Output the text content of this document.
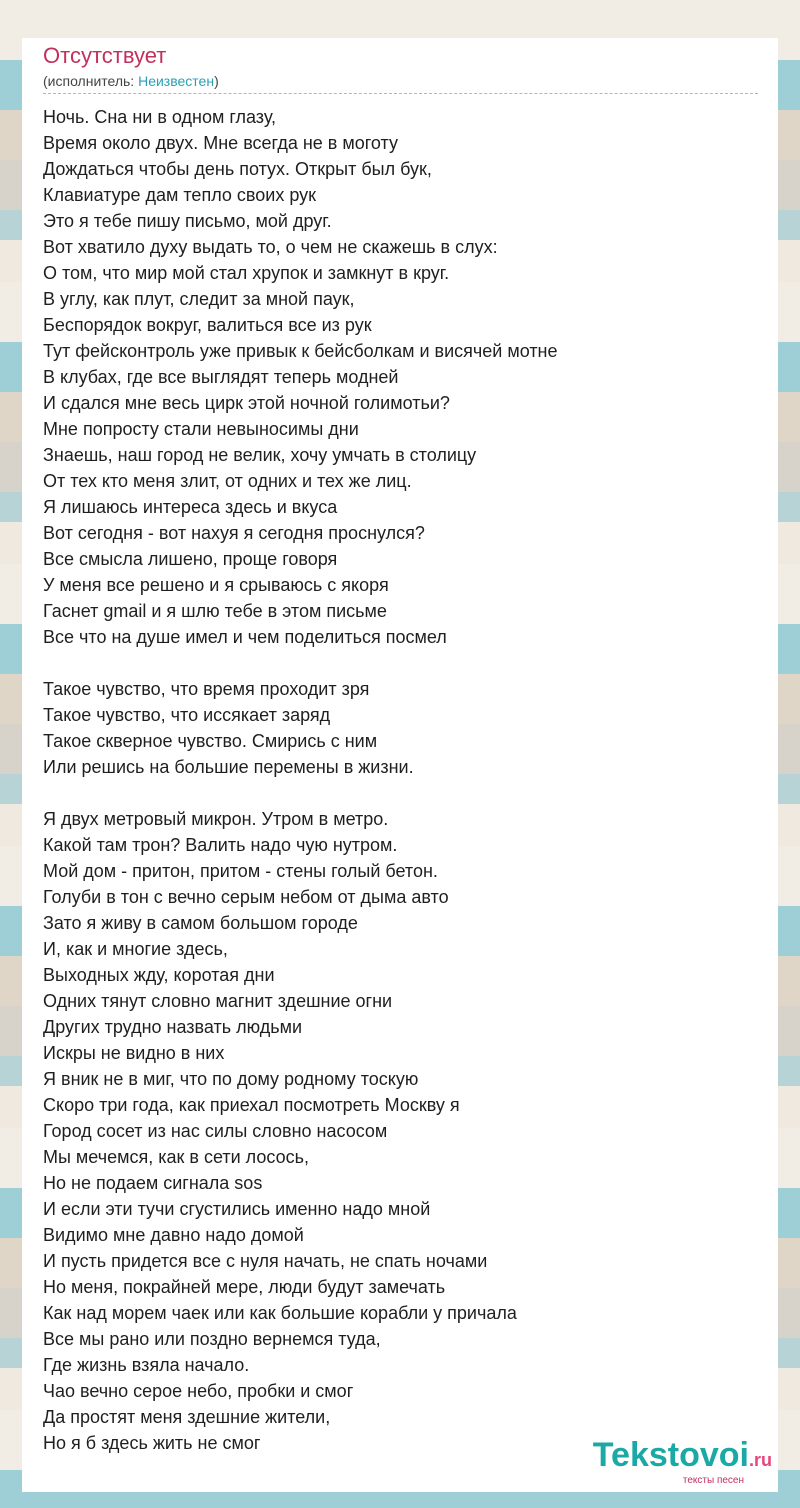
Отсутствует
(исполнитель: Неизвестен)
Ночь. Сна ни в одном глазу,
Время около двух. Мне всегда не в моготу
Дождаться чтобы день потух. Открыт был бук,
Клавиатуре дам тепло своих рук
Это я тебе пишу письмо, мой друг.
Вот хватило духу выдать то, о чем не скажешь в слух:
О том, что мир мой стал хрупок и замкнут в круг.
В углу, как плут, следит за мной паук,
Беспорядок вокруг, валиться все из рук
Тут фейсконтроль уже привык к бейсболкам и висячей мотне
В клубах, где все выглядят теперь модней
И сдался мне весь цирк этой ночной голимотьи?
Мне попросту стали невыносимы дни
Знаешь, наш город не велик, хочу умчать в столицу
От тех кто меня злит, от одних и тех же лиц.
Я лишаюсь интереса здесь и вкуса
Вот сегодня - вот нахуя я сегодня проснулся?
Все смысла лишено, проще говоря
У меня все решено и я срываюсь с якоря
Гаснет gmail и я шлю тебе в этом письме
Все что на душе имел и чем поделиться посмел
Такое чувство, что время проходит зря
Такое чувство, что иссякает заряд
Такое скверное чувство. Смирись с ним
Или решись на большие перемены в жизни.
Я двух метровый микрон. Утром в метро.
Какой там трон? Валить надо чую нутром.
Мой дом - притон, притом - стены голый бетон.
Голуби в тон с вечно серым небом от дыма авто
Зато я живу в самом большом городе
И, как и многие здесь,
Выходных жду, коротая дни
Одних тянут словно магнит здешние огни
Других трудно назвать людьми
Искры не видно в них
Я вник не в миг, что по дому родному тоскую
Скоро три года, как приехал посмотреть Москву я
Город сосет из нас силы словно насосом
Мы мечемся, как в сети лосось,
Но не подаем сигнала sos
И если эти тучи сгустились именно надо мной
Видимо мне давно надо домой
И пусть придется все с нуля начать, не спать ночами
Но меня, покрайней мере, люди будут замечать
Как над морем чаек или как большие корабли у причала
Все мы рано или поздно вернемся туда,
Где жизнь взяла начало.
Чао вечно серое небо, пробки и смог
Да простят меня здешние жители,
Но я б здесь жить не смог	Tekstovoi.ru
тексты песен
